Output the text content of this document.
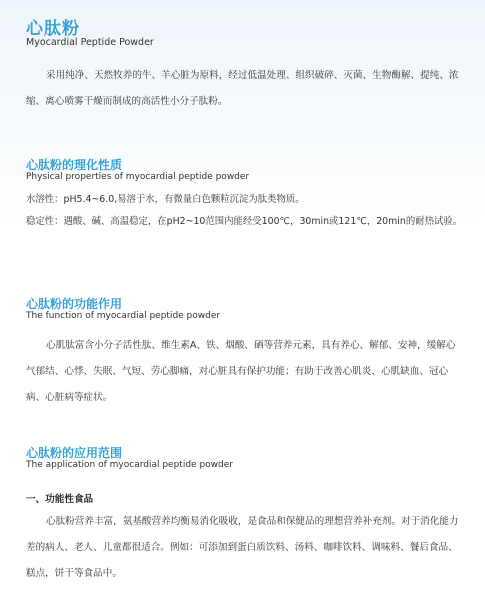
心肽粉
Myocardial Peptide Powder

采用纯净、天然牧养的牛、羊心脏为原料，经过低温处理、组织破碎、灭菌、生物酶解、提纯、浓缩、离心喷雾干燥而制成的高活性小分子肽粉。

心肽粉的理化性质
Physical properties of myocardial peptide powder
水溶性： pH5.4~6.0,易溶于水，有微量白色颗粒沉淀为肽类物质。
稳定性： 遇酸、碱、高温稳定，在pH2~10范围内能经受100℃，30min或121℃，20min的耐热试验。
心肽粉的功能作用
The function of myocardial peptide powder

心肌肽富含小分子活性肽、维生素A、铁、烟酸、硒等营养元素，具有养心、解郁、安神，缓解心气郁结、心悸、失眠、气短、劳心脚痛，对心脏具有保护功能；有助于改善心肌炎、心肌缺血、冠心病、心脏病等症状。

心肽粉的应用范围
The application of myocardial peptide powder
一、功能性食品

心肽粉营养丰富，氨基酸营养均衡易消化吸收，是食品和保健品的理想营养补充剂。对于消化能力差的病人、老人、儿童都很适合。例如：可添加到蛋白质饮料、汤料、咖啡饮料、调味料、餐后食品、糕点，饼干等食品中。
